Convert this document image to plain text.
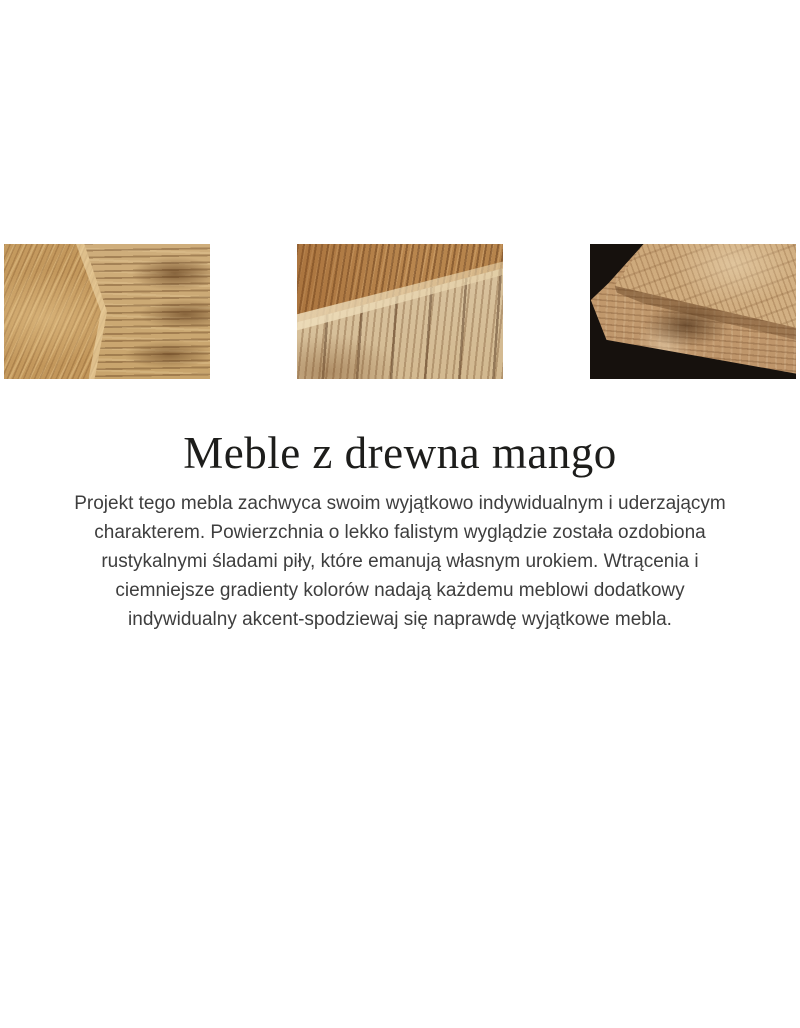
Meble z drewna mango
Projekt tego mebla zachwyca swoim wyjątkowo indywidualnym i uderzającym
charakterem. Powierzchnia o lekko falistym wyglądzie została ozdobiona
rustykalnymi śladami piły, które emanują własnym urokiem. Wtrącenia i
ciemniejsze gradienty kolorów nadają każdemu meblowi dodatkowy
indywidualny akcent-spodziewaj się naprawdę wyjątkowe mebla.
